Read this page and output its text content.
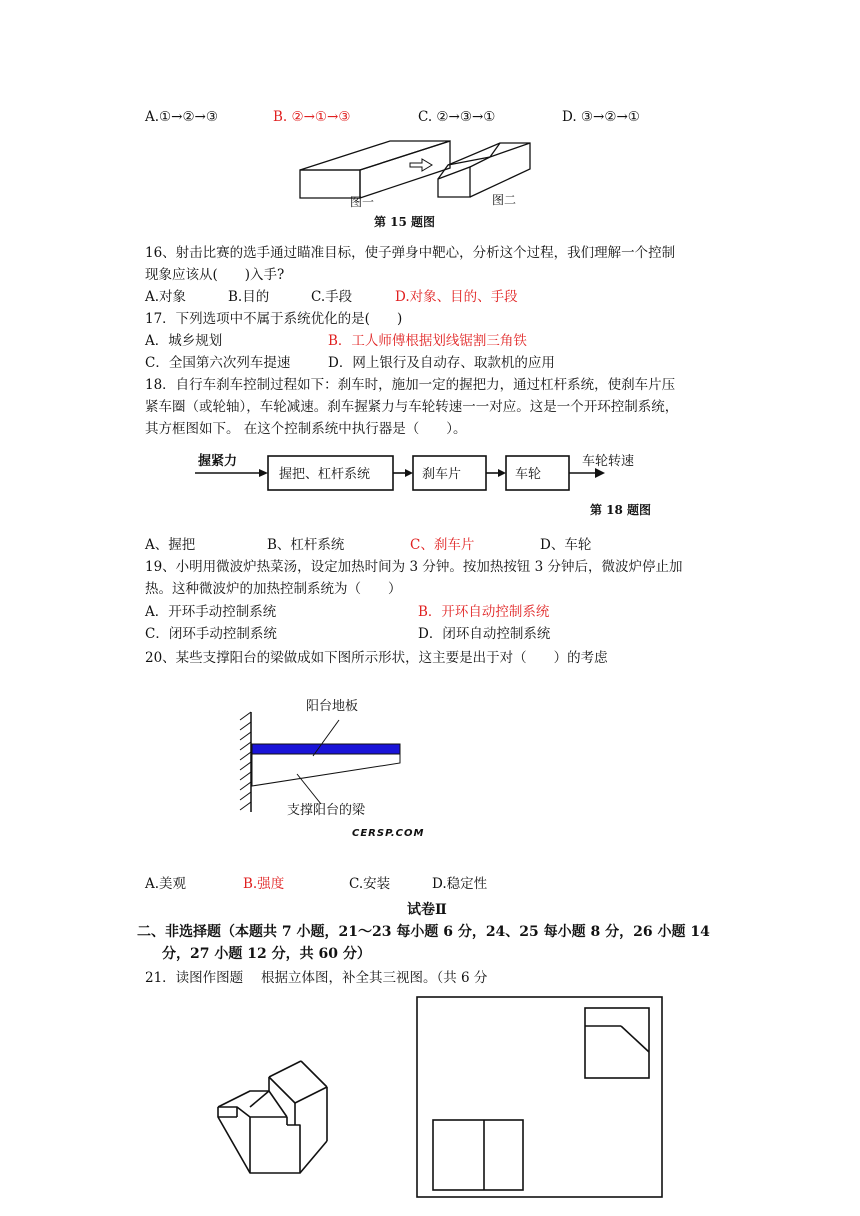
A.①→②→③	B. ②→①→③	C. ②→③→①	D. ③→②→①
图一	图二
第 15 题图
16、射击比赛的选手通过瞄准目标，使子弹身中靶心，分析这个过程，我们理解一个控制
现象应该从(　　)入手?
A.对象	B.目的	C.手段	D.对象、目的、手段
17．下列选项中不属于系统优化的是(　　)
A．城乡规划	B．工人师傅根据划线锯割三角铁
C．全国第六次列车提速	D．网上银行及自动存、取款机的应用
18．自行车刹车控制过程如下：刹车时，施加一定的握把力，通过杠杆系统，使刹车片压
紧车圈（或轮轴），车轮减速。刹车握紧力与车轮转速一一对应。这是一个开环控制系统，
其方框图如下。 在这个控制系统中执行器是（　　）。
握紧力
握把、杠杆系统	刹车片	车轮
车轮转速
第 18 题图
A、握把	B、杠杆系统	C、刹车片	D、车轮
19、小明用微波炉热菜汤，设定加热时间为 3 分钟。按加热按钮 3 分钟后，微波炉停止加
热。这种微波炉的加热控制系统为（　　）
A．开环手动控制系统	B．开环自动控制系统
C．闭环手动控制系统	D．闭环自动控制系统
20、某些支撑阳台的梁做成如下图所示形状，这主要是出于对（　　）的考虑
阳台地板
支撑阳台的梁
CERSP.COM
A.美观	B.强度	C.安装	D.稳定性
试卷Ⅱ
二、非选择题（本题共 7 小题，21～23 每小题 6 分，24、25 每小题 8 分，26 小题 14
分，27 小题 12 分，共 60 分）
21．读图作图题　 根据立体图，补全其三视图。（共 6 分
